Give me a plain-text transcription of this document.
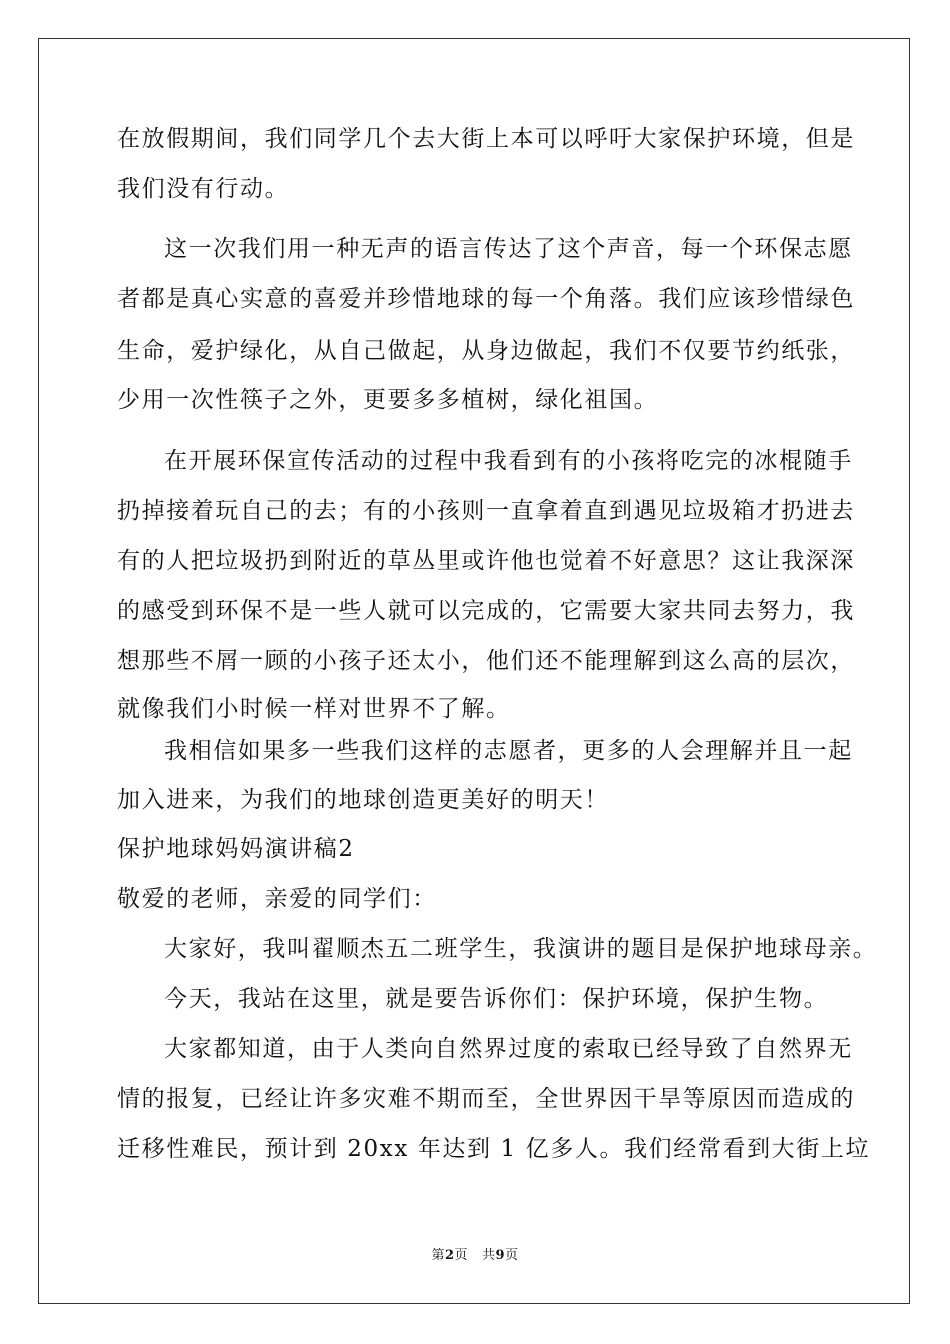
在放假期间，我们同学几个去大街上本可以呼吁大家保护环境，但是
我们没有行动。
这一次我们用一种无声的语言传达了这个声音，每一个环保志愿
者都是真心实意的喜爱并珍惜地球的每一个角落。我们应该珍惜绿色
生命，爱护绿化，从自己做起，从身边做起，我们不仅要节约纸张，
少用一次性筷子之外，更要多多植树，绿化祖国。
在开展环保宣传活动的过程中我看到有的小孩将吃完的冰棍随手
扔掉接着玩自己的去；有的小孩则一直拿着直到遇见垃圾箱才扔进去
有的人把垃圾扔到附近的草丛里或许他也觉着不好意思？这让我深深
的感受到环保不是一些人就可以完成的，它需要大家共同去努力，我
想那些不屑一顾的小孩子还太小，他们还不能理解到这么高的层次，
就像我们小时候一样对世界不了解。
我相信如果多一些我们这样的志愿者，更多的人会理解并且一起
加入进来，为我们的地球创造更美好的明天！
保护地球妈妈演讲稿2
敬爱的老师，亲爱的同学们：
大家好，我叫翟顺杰五二班学生，我演讲的题目是保护地球母亲。
今天，我站在这里，就是要告诉你们：保护环境，保护生物。
大家都知道，由于人类向自然界过度的索取已经导致了自然界无
情的报复，已经让许多灾难不期而至，全世界因干旱等原因而造成的
迁移性难民，预计到 20xx 年达到 1 亿多人。我们经常看到大街上垃
第2页 共9页
